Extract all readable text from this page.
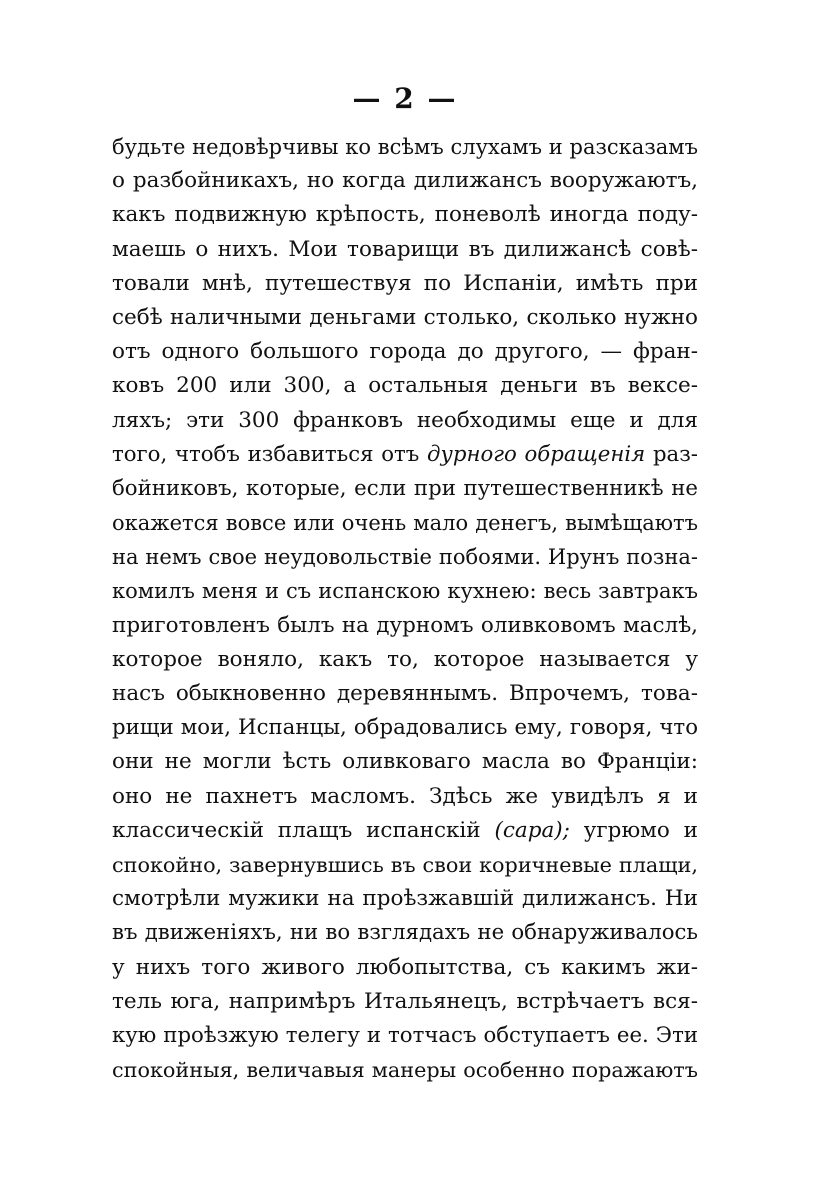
— 2 —
будьте недовѣрчивы ко всѣмъ слухамъ и разсказамъ
о разбойникахъ, но когда дилижансъ вооружаютъ,
какъ подвижную крѣпость, поневолѣ иногда поду-
маешь о нихъ. Мои товарищи въ дилижансѣ совѣ-
товали мнѣ, путешествуя по Испаніи, имѣть при
себѣ наличными деньгами столько, сколько нужно
отъ одного большого города до другого, — фран-
ковъ 200 или 300, а остальныя деньги въ вексе-
ляхъ; эти 300 франковъ необходимы еще и для
того, чтобъ избавиться отъ дурного обращенія раз-
бойниковъ, которые, если при путешественникѣ не
окажется вовсе или очень мало денегъ, вымѣщаютъ
на немъ свое неудовольствіе побоями. Ирунъ позна-
комилъ меня и съ испанскою кухнею: весь завтракъ
приготовленъ былъ на дурномъ оливковомъ маслѣ,
которое воняло, какъ то, которое называется у
насъ обыкновенно деревяннымъ. Впрочемъ, това-
рищи мои, Испанцы, обрадовались ему, говоря, что
они не могли ѣсть оливковаго масла во Франціи:
оно не пахнетъ масломъ. Здѣсь же увидѣлъ я и
классическій плащъ испанскій (capa); угрюмо и
спокойно, завернувшись въ свои коричневые плащи,
смотрѣли мужики на проѣзжавшій дилижансъ. Ни
въ движеніяхъ, ни во взглядахъ не обнаруживалось
у нихъ того живого любопытства, съ какимъ жи-
тель юга, напримѣръ Итальянецъ, встрѣчаетъ вся-
кую проѣзжую телегу и тотчасъ обступаетъ ее. Эти
спокойныя, величавыя манеры особенно поражаютъ
